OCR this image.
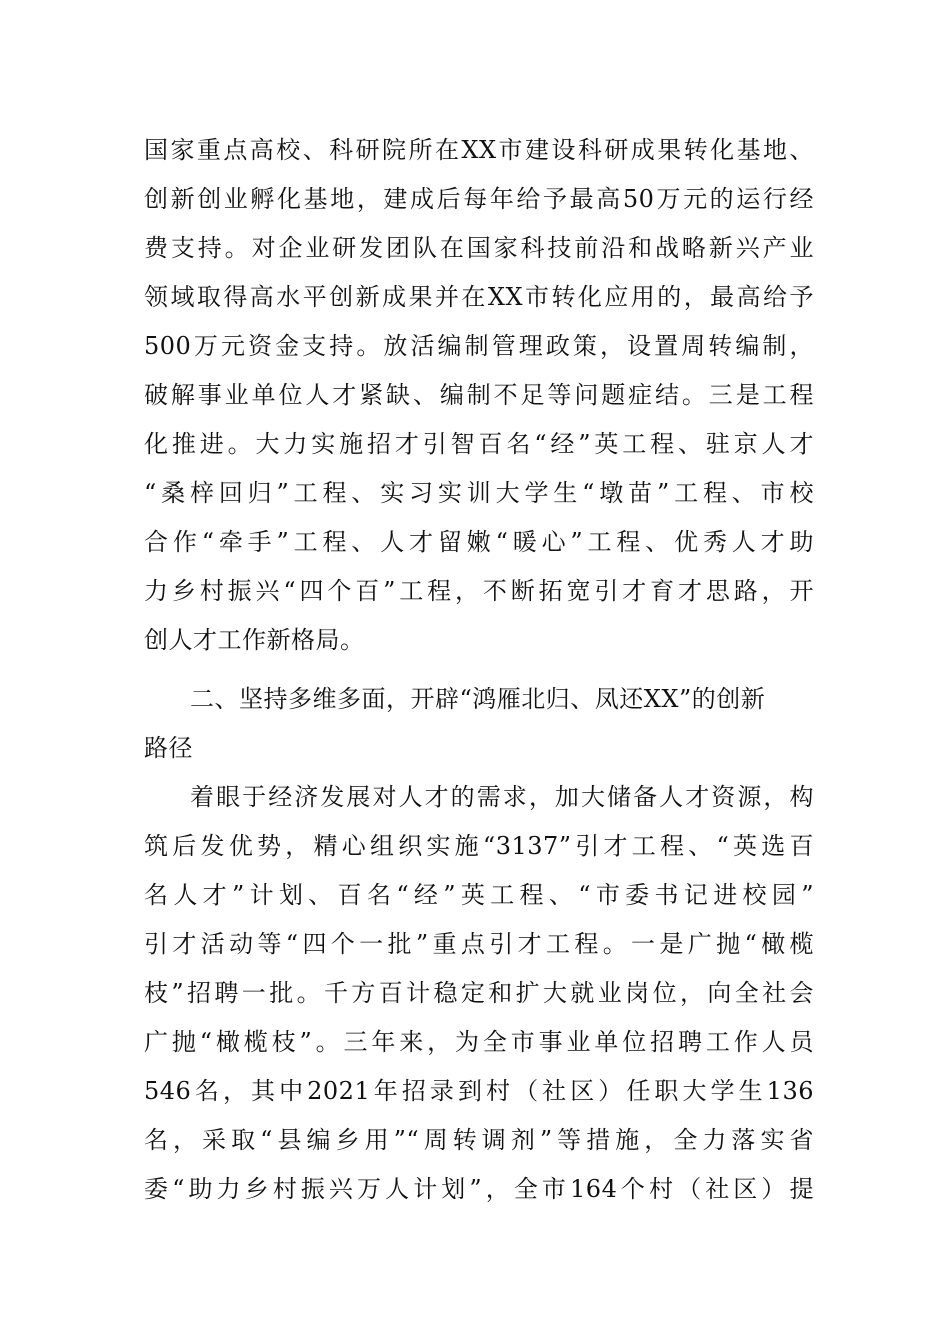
国家重点高校、科研院所在XX市建设科研成果转化基地、
创新创业孵化基地，建成后每年给予最高50万元的运行经
费支持。对企业研发团队在国家科技前沿和战略新兴产业
领域取得高水平创新成果并在XX市转化应用的，最高给予
500万元资金支持。放活编制管理政策，设置周转编制，
破解事业单位人才紧缺、编制不足等问题症结。三是工程
化推进。大力实施招才引智百名“经”英工程、驻京人才
“桑梓回归”工程、实习实训大学生“墩苗”工程、市校
合作“牵手”工程、人才留嫩“暖心”工程、优秀人才助
力乡村振兴“四个百”工程，不断拓宽引才育才思路，开
创人才工作新格局。
二、坚持多维多面，开辟“鸿雁北归、凤还XX”的创新
路径
着眼于经济发展对人才的需求，加大储备人才资源，构
筑后发优势，精心组织实施“3137”引才工程、“英选百
名人才”计划、百名“经”英工程、“市委书记进校园”
引才活动等“四个一批”重点引才工程。一是广抛“橄榄
枝”招聘一批。千方百计稳定和扩大就业岗位，向全社会
广抛“橄榄枝”。三年来，为全市事业单位招聘工作人员
546名，其中2021年招录到村（社区）任职大学生136
名，采取“县编乡用”“周转调剂”等措施，全力落实省
委“助力乡村振兴万人计划”，全市164个村（社区）提
